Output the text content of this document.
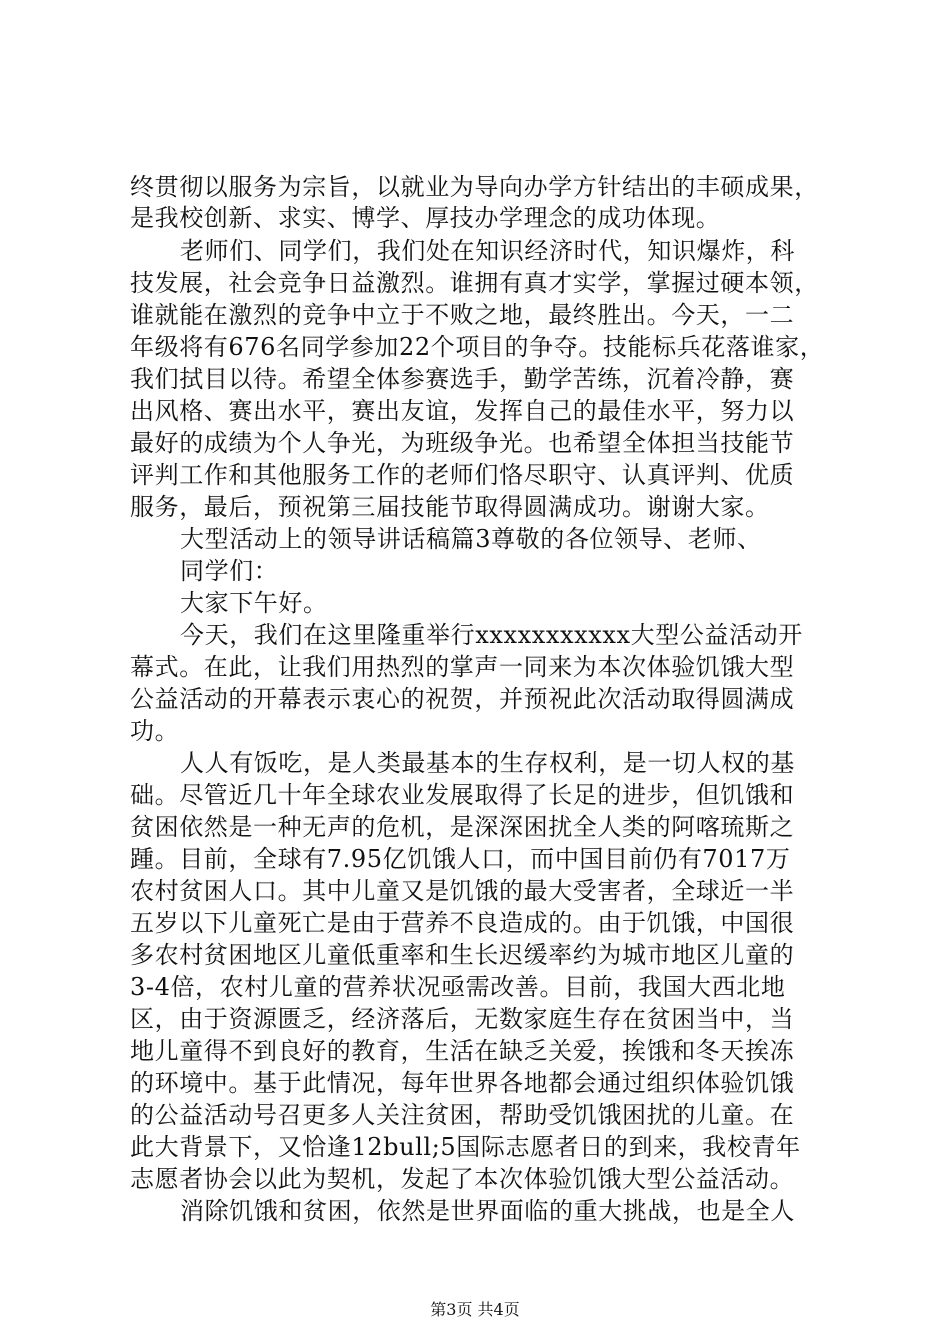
终贯彻以服务为宗旨，以就业为导向办学方针结出的丰硕成果，
是我校创新、求实、博学、厚技办学理念的成功体现。
老师们、同学们，我们处在知识经济时代，知识爆炸，科
技发展，社会竞争日益激烈。谁拥有真才实学，掌握过硬本领，
谁就能在激烈的竞争中立于不败之地，最终胜出。今天，一二
年级将有676名同学参加22个项目的争夺。技能标兵花落谁家，
我们拭目以待。希望全体参赛选手，勤学苦练，沉着冷静，赛
出风格、赛出水平，赛出友谊，发挥自己的最佳水平，努力以
最好的成绩为个人争光，为班级争光。也希望全体担当技能节
评判工作和其他服务工作的老师们恪尽职守、认真评判、优质
服务，最后，预祝第三届技能节取得圆满成功。谢谢大家。
大型活动上的领导讲话稿篇3尊敬的各位领导、老师、
同学们：
大家下午好。
今天，我们在这里隆重举行xxxxxxxxxxx大型公益活动开
幕式。在此，让我们用热烈的掌声一同来为本次体验饥饿大型
公益活动的开幕表示衷心的祝贺，并预祝此次活动取得圆满成
功。
人人有饭吃，是人类最基本的生存权利，是一切人权的基
础。尽管近几十年全球农业发展取得了长足的进步，但饥饿和
贫困依然是一种无声的危机，是深深困扰全人类的阿喀琉斯之
踵。目前，全球有7.95亿饥饿人口，而中国目前仍有7017万
农村贫困人口。其中儿童又是饥饿的最大受害者，全球近一半
五岁以下儿童死亡是由于营养不良造成的。由于饥饿，中国很
多农村贫困地区儿童低重率和生长迟缓率约为城市地区儿童的
3-4倍，农村儿童的营养状况亟需改善。目前，我国大西北地
区，由于资源匮乏，经济落后，无数家庭生存在贫困当中，当
地儿童得不到良好的教育，生活在缺乏关爱，挨饿和冬天挨冻
的环境中。基于此情况，每年世界各地都会通过组织体验饥饿
的公益活动号召更多人关注贫困，帮助受饥饿困扰的儿童。在
此大背景下，又恰逢12bull;5国际志愿者日的到来，我校青年
志愿者协会以此为契机，发起了本次体验饥饿大型公益活动。
消除饥饿和贫困，依然是世界面临的重大挑战，也是全人
第3页 共4页
